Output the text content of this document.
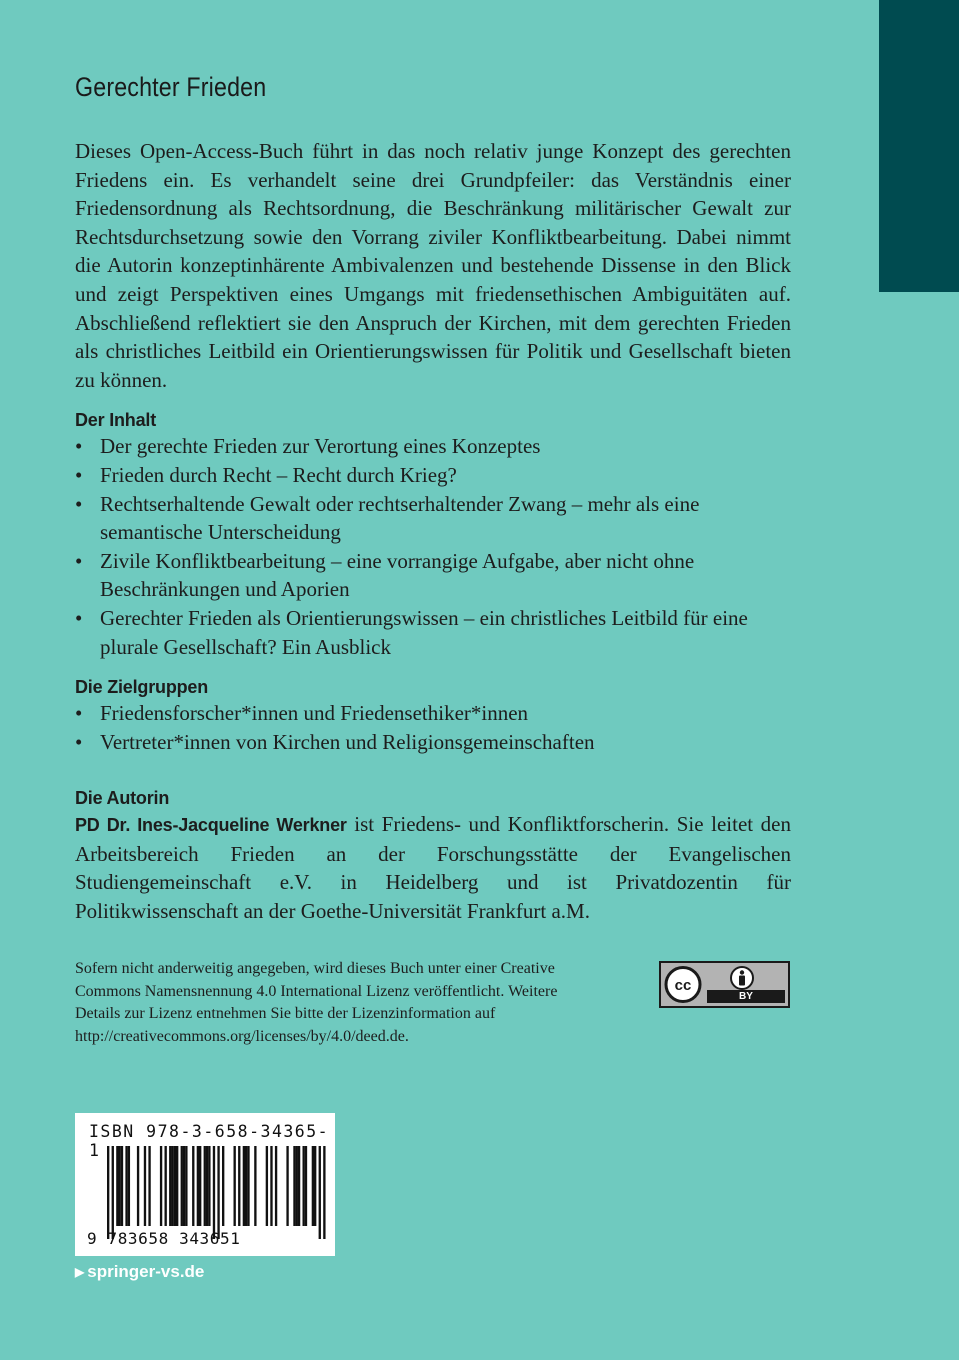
Gerechter Frieden

Dieses Open-Access-Buch führt in das noch relativ junge Konzept des gerechten Friedens ein. Es verhandelt seine drei Grundpfeiler: das Verständnis einer Friedensordnung als Rechtsordnung, die Beschränkung militärischer Gewalt zur Rechtsdurchsetzung sowie den Vorrang ziviler Konfliktbearbeitung. Dabei nimmt die Autorin konzeptinhärente Ambivalenzen und bestehende Dissense in den Blick und zeigt Perspektiven eines Umgangs mit friedensethischen Ambiguitäten auf. Abschließend reflektiert sie den Anspruch der Kirchen, mit dem gerechten Frieden als christliches Leitbild ein Orientierungswissen für Politik und Gesellschaft bieten zu können.

Der Inhalt
• Der gerechte Frieden zur Verortung eines Konzeptes
• Frieden durch Recht – Recht durch Krieg?
• Rechtserhaltende Gewalt oder rechtserhaltender Zwang – mehr als eine semantische Unterscheidung
• Zivile Konfliktbearbeitung – eine vorrangige Aufgabe, aber nicht ohne Beschränkungen und Aporien
• Gerechter Frieden als Orientierungswissen – ein christliches Leitbild für eine plurale Gesellschaft? Ein Ausblick
Die Zielgruppen
• Friedensforscher*innen und Friedensethiker*innen
• Vertreter*innen von Kirchen und Religionsgemeinschaften
Die Autorin

PD Dr. Ines-Jacqueline Werkner ist Friedens- und Konfliktforscherin. Sie leitet den Arbeitsbereich Frieden an der Forschungsstätte der Evangelischen Studiengemeinschaft e.V. in Heidelberg und ist Privatdozentin für Politikwissenschaft an der Goethe-Universität Frankfurt a.M.

Sofern nicht anderweitig angegeben, wird dieses Buch unter einer Creative Commons Namensnennung 4.0 International Lizenz veröffentlicht. Weitere Details zur Lizenz entnehmen Sie bitte der Lizenzinformation auf http://creativecommons.org/licenses/by/4.0/deed.de.

cc
BY
ISBN 978-3-658-34365-1
9 783658 343651
▶ springer-vs.de
